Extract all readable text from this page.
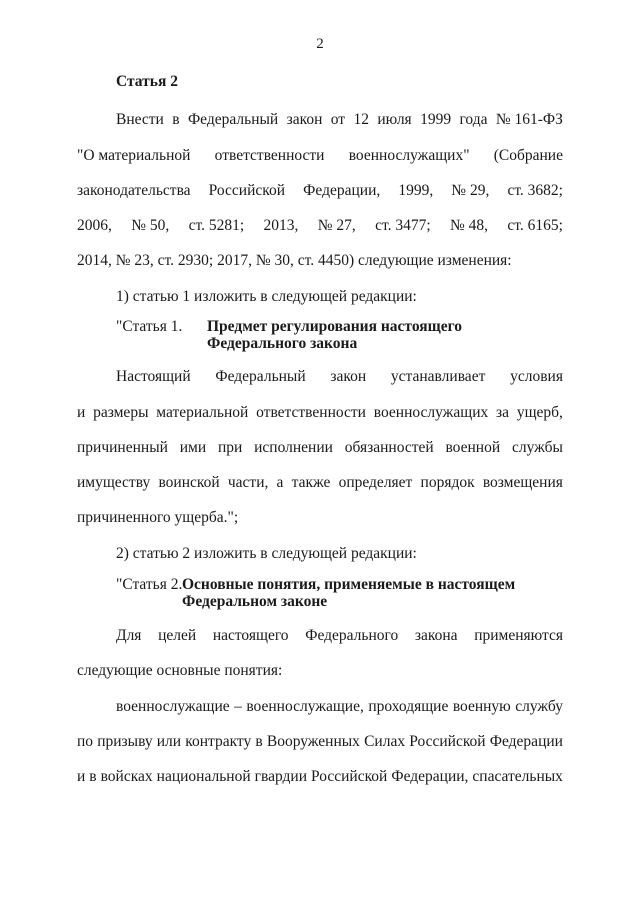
2
Статья 2
Внести в Федеральный закон от 12 июля 1999 года № 161-ФЗ
"О материальной ответственности военнослужащих" (Собрание
законодательства Российской Федерации, 1999, № 29, ст. 3682;
2006, № 50, ст. 5281; 2013, № 27, ст. 3477; № 48, ст. 6165;
2014, № 23, ст. 2930; 2017, № 30, ст. 4450) следующие изменения:
1) статью 1 изложить в следующей редакции:
"Статья 1. Предмет регулирования настоящего
Федерального закона
Настоящий Федеральный закон устанавливает условия
и размеры материальной ответственности военнослужащих за ущерб,
причиненный ими при исполнении обязанностей военной службы
имуществу воинской части, а также определяет порядок возмещения
причиненного ущерба.";
2) статью 2 изложить в следующей редакции:
"Статья 2. Основные понятия, применяемые в настоящем
Федеральном законе
Для целей настоящего Федерального закона применяются
следующие основные понятия:
военнослужащие – военнослужащие, проходящие военную службу
по призыву или контракту в Вооруженных Силах Российской Федерации
и в войсках национальной гвардии Российской Федерации, спасательных
